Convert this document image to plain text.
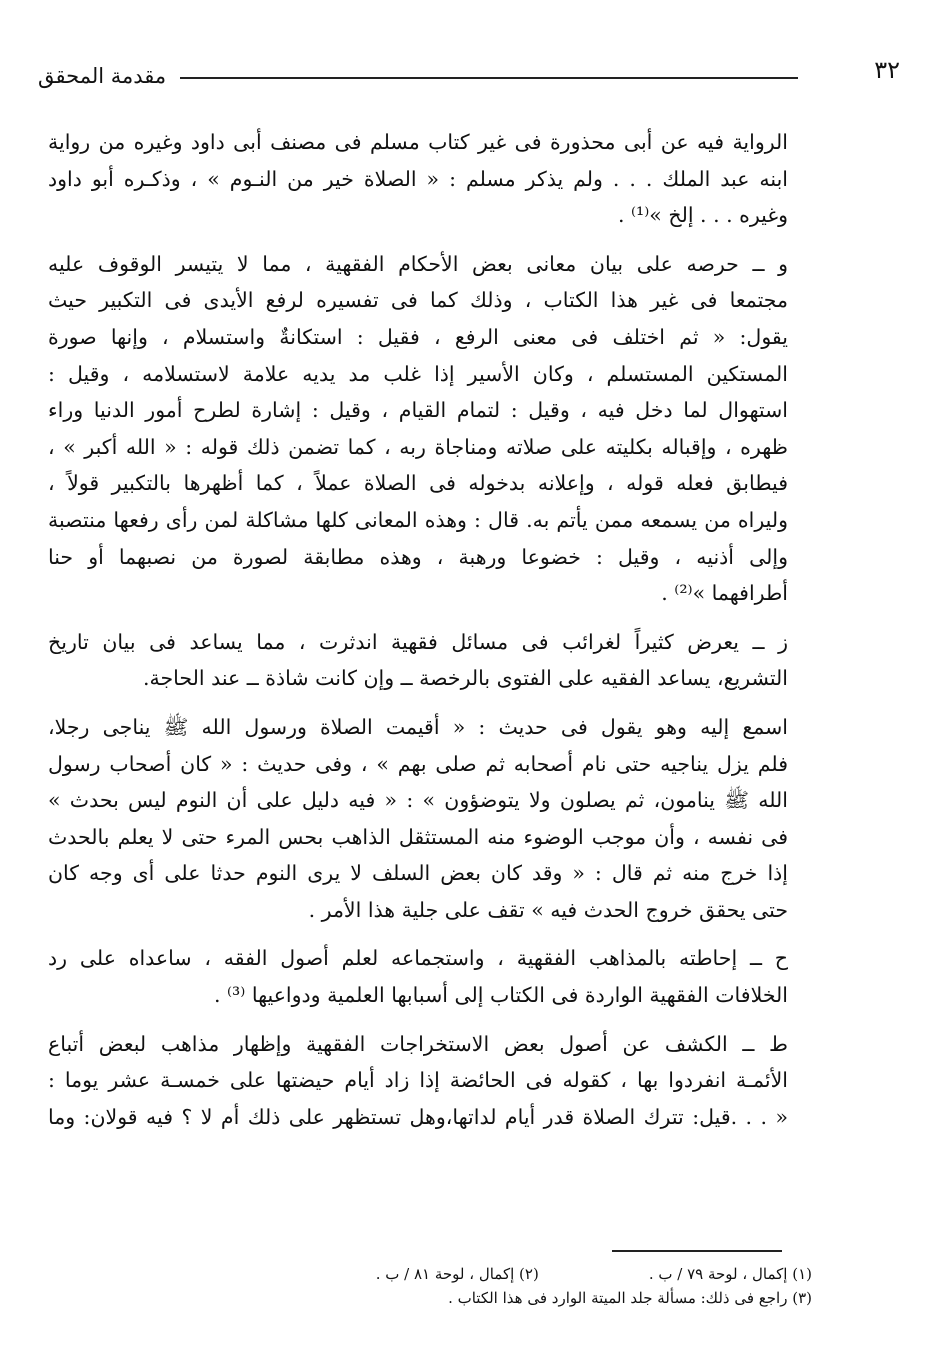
٣٢
مقدمة المحقق

الرواية فيه عن أبى محذورة فى غير كتاب مسلم فى مصنف أبى داود وغيره من رواية
ابنه عبد الملك . . . ولم يذكر مسلم : « الصلاة خير من النـوم » ، وذكـره أبو داود
وغيره . . . إلخ »⁽¹⁾ .

و ــ حرصه على بيان معانى بعض الأحكام الفقهية ، مما لا يتيسر الوقوف عليه
مجتمعا فى غير هذا الكتاب ، وذلك كما فى تفسيره لرفع الأيدى فى التكبير حيث
يقول: « ثم اختلف فى معنى الرفع ، فقيل : استكانةٌ واستسلام ، وإنها صورة
المستكين المستسلم ، وكان الأسير إذا غلب مد يديه علامة لاستسلامه ، وقيل :
استهوال لما دخل فيه ، وقيل : لتمام القيام ، وقيل : إشارة لطرح أمور الدنيا وراء
ظهره ، وإقباله بكليته على صلاته ومناجاة ربه ، كما تضمن ذلك قوله : « الله أكبر » ،
فيطابق فعله قوله ، وإعلانه بدخوله فى الصلاة عملاً ، كما أظهرها بالتكبير قولاً ،
وليراه من يسمعه ممن يأتم به. قال : وهذه المعانى كلها مشاكلة لمن رأى رفعها منتصبة
وإلى أذنيه ، وقيل : خضوعا ورهبة ، وهذه مطابقة لصورة من نصبهما أو حنا
أطرافهما »⁽²⁾ .

ز ــ يعرض كثيراً لغرائب فى مسائل فقهية اندثرت ، مما يساعد فى بيان تاريخ
التشريع، يساعد الفقيه على الفتوى بالرخصة ــ وإن كانت شاذة ــ عند الحاجة.

اسمع إليه وهو يقول فى حديث : « أقيمت الصلاة ورسول الله ﷺ يناجى رجلا،
فلم يزل يناجيه حتى نام أصحابه ثم صلى بهم » ، وفى حديث : « كان أصحاب رسول
الله ﷺ ينامون، ثم يصلون ولا يتوضؤون » : « فيه دليل على أن النوم ليس بحدث »
فى نفسه ، وأن موجب الوضوء منه المستثقل الذاهب بحس المرء حتى لا يعلم بالحدث
إذا خرج منه ثم قال : « وقد كان بعض السلف لا يرى النوم حدثا على أى وجه كان
حتى يحقق خروج الحدث فيه » تقف على جلية هذا الأمر .

ح ــ إحاطته بالمذاهب الفقهية ، واستجماعه لعلم أصول الفقه ، ساعداه على رد
الخلافات الفقهية الواردة فى الكتاب إلى أسبابها العلمية ودواعيها ⁽³⁾ .

ط ــ الكشف عن أصول بعض الاستخراجات الفقهية وإظهار مذاهب لبعض أتباع
الأئمـة انفردوا بها ، كقوله فى الحائضة إذا زاد أيام حيضتها على خمسـة عشر يوما :
« . . .قيل: تترك الصلاة قدر أيام لداتها،وهل تستظهر على ذلك أم لا ؟ فيه قولان: وما

(١) إكمال ، لوحة ٧٩ / ب .
(٢) إكمال ، لوحة ٨١ / ب .
(٣) راجع فى ذلك: مسألة جلد الميتة الوارد فى هذا الكتاب .
